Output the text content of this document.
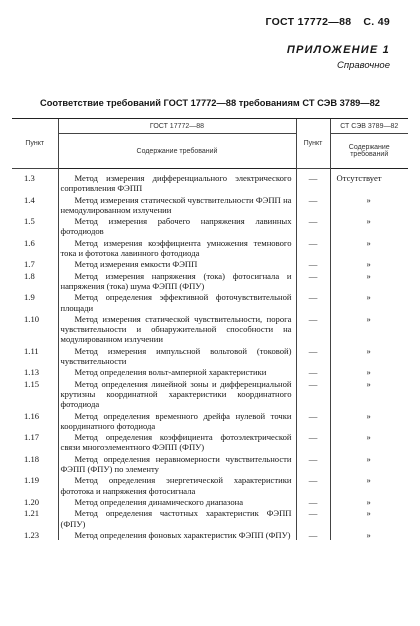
ГОСТ 17772—88 С. 49
ПРИЛОЖЕНИЕ 1
Справочное
Соответствие требований ГОСТ 17772—88 требованиям СТ СЭВ 3789—82
Пункт	ГОСТ 17772—88	Пункт	СТ СЭВ 3789—82
	Содержание требований		Содержание требований

1.3	Метод измерения дифференциального электрического сопротивления ФЭПП	—	Отсутствует
1.4	Метод измерения статической чувствительности ФЭПП на немодулированном излучении	—	»
1.5	Метод измерения рабочего напряжения лавинных фотодиодов	—	»
1.6	Метод измерения коэффициента умножения темнового тока и фототока лавинного фотодиода	—	»
1.7	Метод измерения емкости ФЭПП	—	»
1.8	Метод измерения напряжения (тока) фотосигнала и напряжения (тока) шума ФЭПП (ФПУ)	—	»
1.9	Метод определения эффективной фоточувствительной площади	—	»
1.10	Метод измерения статической чувствительности, порога чувствительности и обнаружительной способности на модулированном излучении	—	»
1.11	Метод измерения импульсной вольтовой (токовой) чувствительности	—	»
1.13	Метод определения вольт-амперной характеристики	—	»
1.15	Метод определения линейной зоны и дифференциальной крутизны координатной характеристики координатного фотодиода	—	»
1.16	Метод определения временного дрейфа нулевой точки координатного фотодиода	—	»
1.17	Метод определения коэффициента фотоэлектрической связи многоэлементного ФЭПП (ФПУ)	—	»
1.18	Метод определения неравномерности чувствительности ФЭПП (ФПУ) по элементу	—	»
1.19	Метод определения энергетической характеристики фототока и напряжения фотосигнала	—	»
1.20	Метод определения динамического диапазона	—	»
1.21	Метод определения частотных характеристик ФЭПП (ФПУ)	—	»
1.23	Метод определения фоновых характеристик ФЭПП (ФПУ)	—	»
